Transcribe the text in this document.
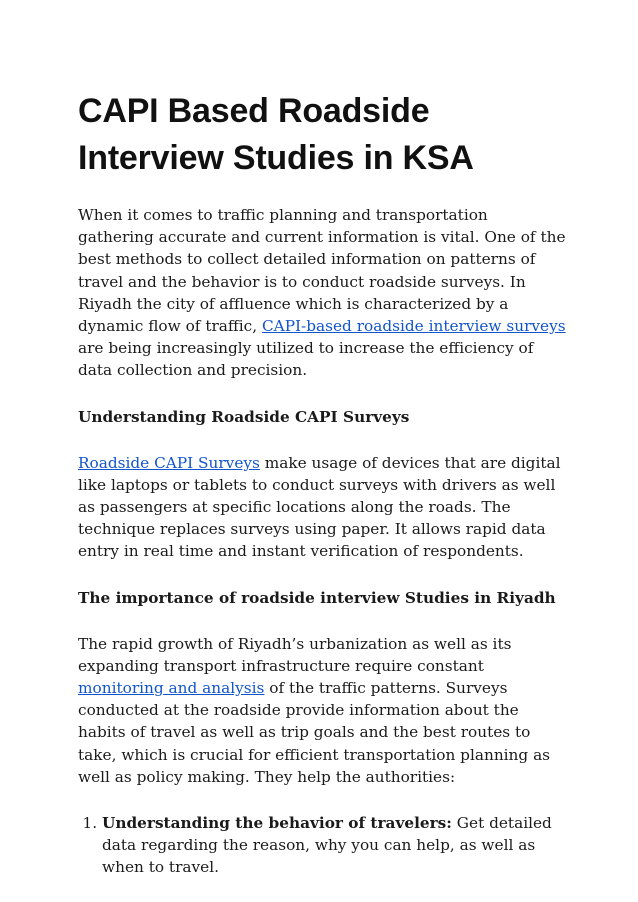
CAPI Based Roadside Interview Studies in KSA

When it comes to traffic planning and transportation gathering accurate and current information is vital. One of the best methods to collect detailed information on patterns of travel and the behavior is to conduct roadside surveys. In Riyadh the city of affluence which is characterized by a dynamic flow of traffic, CAPI-based roadside interview surveys are being increasingly utilized to increase the efficiency of data collection and precision.

Understanding Roadside CAPI Surveys

Roadside CAPI Surveys make usage of devices that are digital like laptops or tablets to conduct surveys with drivers as well as passengers at specific locations along the roads. The technique replaces surveys using paper. It allows rapid data entry in real time and instant verification of respondents.

The importance of roadside interview Studies in Riyadh

The rapid growth of Riyadh’s urbanization as well as its expanding transport infrastructure require constant monitoring and analysis of the traffic patterns. Surveys conducted at the roadside provide information about the habits of travel as well as trip goals and the best routes to take, which is crucial for efficient transportation planning as well as policy making. They help the authorities:

1. Understanding the behavior of travelers: Get detailed data regarding the reason, why you can help, as well as when to travel.
